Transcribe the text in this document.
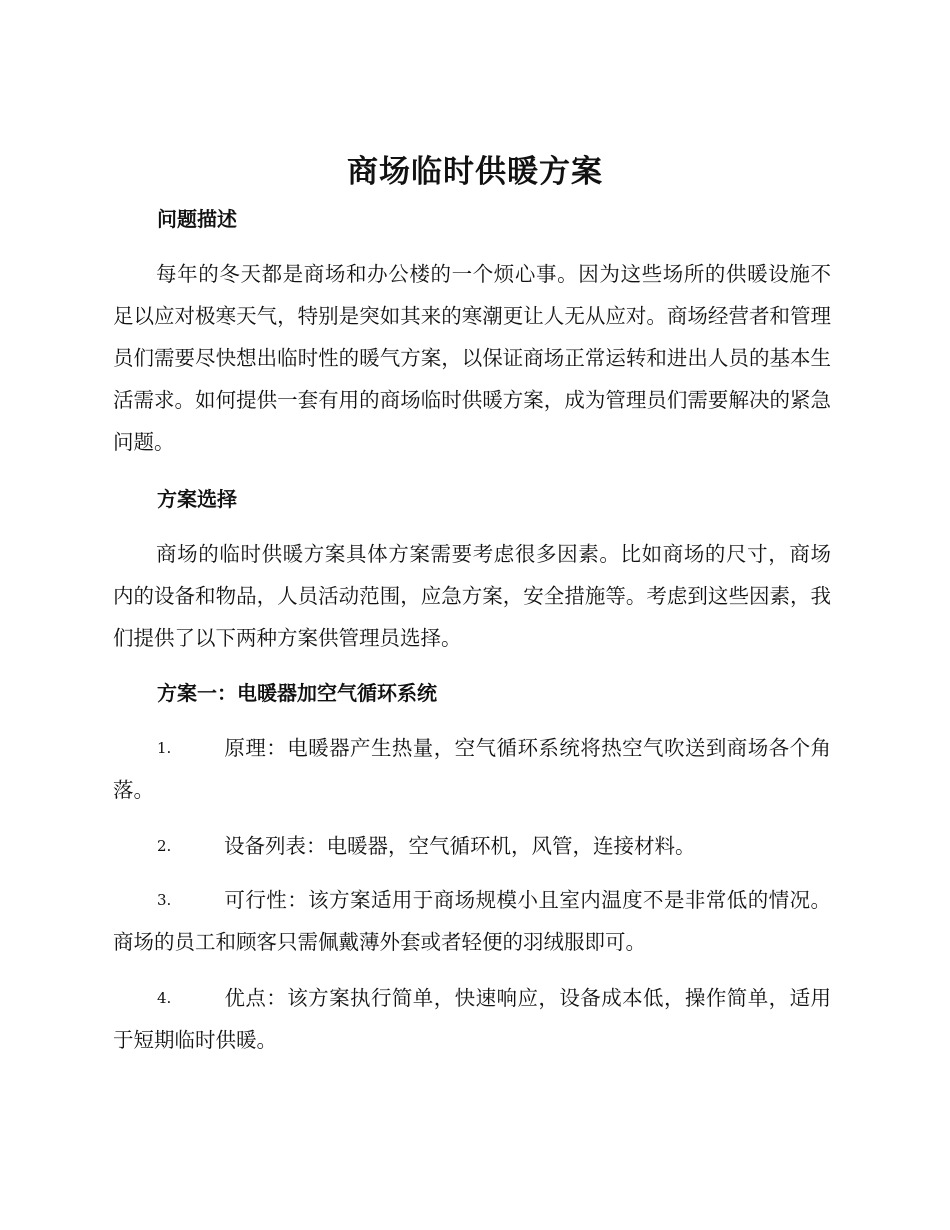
商场临时供暖方案
问题描述

每年的冬天都是商场和办公楼的一个烦心事。因为这些场所的供暖设施不足以应对极寒天气，特别是突如其来的寒潮更让人无从应对。商场经营者和管理员们需要尽快想出临时性的暖气方案，以保证商场正常运转和进出人员的基本生活需求。如何提供一套有用的商场临时供暖方案，成为管理员们需要解决的紧急问题。

方案选择

商场的临时供暖方案具体方案需要考虑很多因素。比如商场的尺寸，商场内的设备和物品，人员活动范围，应急方案，安全措施等。考虑到这些因素，我们提供了以下两种方案供管理员选择。

方案一：电暖器加空气循环系统

1.	原理：电暖器产生热量，空气循环系统将热空气吹送到商场各个角落。

2.	设备列表：电暖器，空气循环机，风管，连接材料。

3.	可行性：该方案适用于商场规模小且室内温度不是非常低的情况。商场的员工和顾客只需佩戴薄外套或者轻便的羽绒服即可。

4.	优点：该方案执行简单，快速响应，设备成本低，操作简单，适用于短期临时供暖。
